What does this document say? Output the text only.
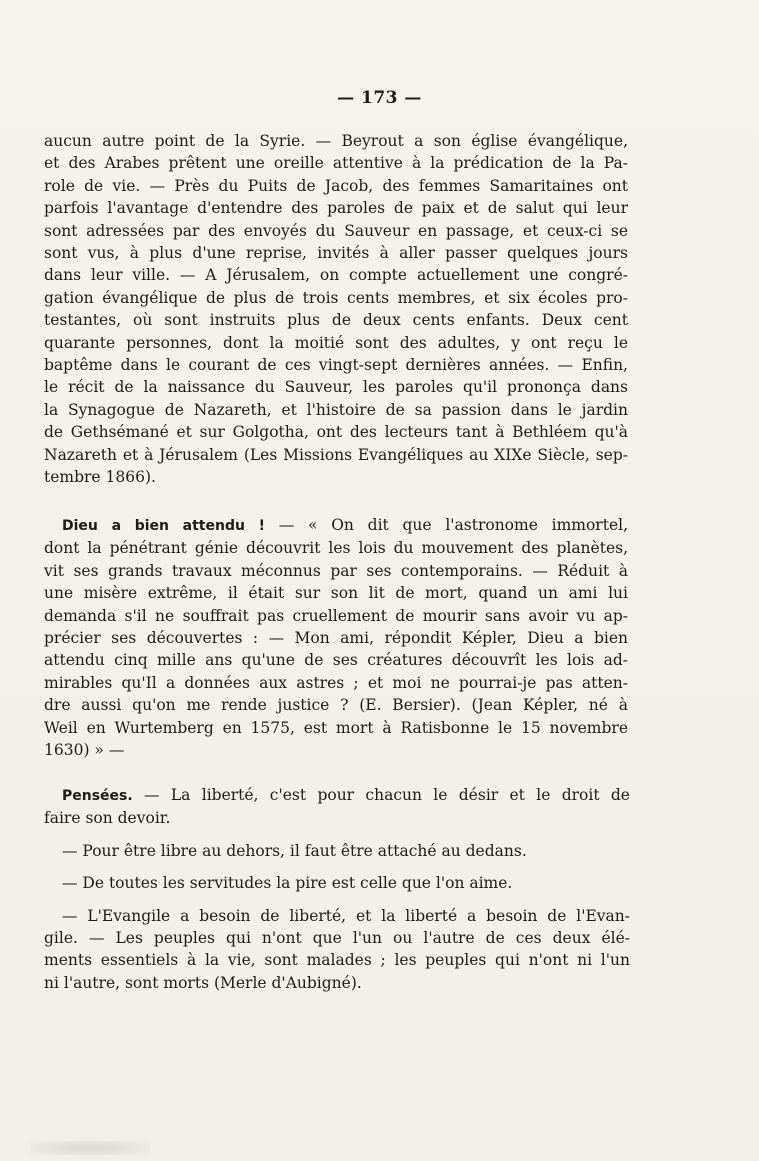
— 173 —
aucun autre point de la Syrie. — Beyrout a son église évangélique,
et des Arabes prêtent une oreille attentive à la prédication de la Pa-
role de vie. — Près du Puits de Jacob, des femmes Samaritaines ont
parfois l'avantage d'entendre des paroles de paix et de salut qui leur
sont adressées par des envoyés du Sauveur en passage, et ceux-ci se
sont vus, à plus d'une reprise, invités à aller passer quelques jours
dans leur ville. — A Jérusalem, on compte actuellement une congré-
gation évangélique de plus de trois cents membres, et six écoles pro-
testantes, où sont instruits plus de deux cents enfants. Deux cent
quarante personnes, dont la moitié sont des adultes, y ont reçu le
baptême dans le courant de ces vingt-sept dernières années. — Enfin,
le récit de la naissance du Sauveur, les paroles qu'il prononça dans
la Synagogue de Nazareth, et l'histoire de sa passion dans le jardin
de Gethsémané et sur Golgotha, ont des lecteurs tant à Bethléem qu'à
Nazareth et à Jérusalem (Les Missions Evangéliques au XIXe Siècle, sep-
tembre 1866).
Dieu a bien attendu ! — « On dit que l'astronome immortel,
dont la pénétrant génie découvrit les lois du mouvement des planètes,
vit ses grands travaux méconnus par ses contemporains. — Réduit à
une misère extrême, il était sur son lit de mort, quand un ami lui
demanda s'il ne souffrait pas cruellement de mourir sans avoir vu ap-
précier ses découvertes : — Mon ami, répondit Képler, Dieu a bien
attendu cinq mille ans qu'une de ses créatures découvrît les lois ad-
mirables qu'Il a données aux astres ; et moi ne pourrai-je pas atten-
dre aussi qu'on me rende justice ? (E. Bersier). (Jean Képler, né à
Weil en Wurtemberg en 1575, est mort à Ratisbonne le 15 novembre
1630) » —
Pensées. — La liberté, c'est pour chacun le désir et le droit de
faire son devoir.
— Pour être libre au dehors, il faut être attaché au dedans.
— De toutes les servitudes la pire est celle que l'on aime.
— L'Evangile a besoin de liberté, et la liberté a besoin de l'Evan-
gile. — Les peuples qui n'ont que l'un ou l'autre de ces deux élé-
ments essentiels à la vie, sont malades ; les peuples qui n'ont ni l'un
ni l'autre, sont morts (Merle d'Aubigné).
